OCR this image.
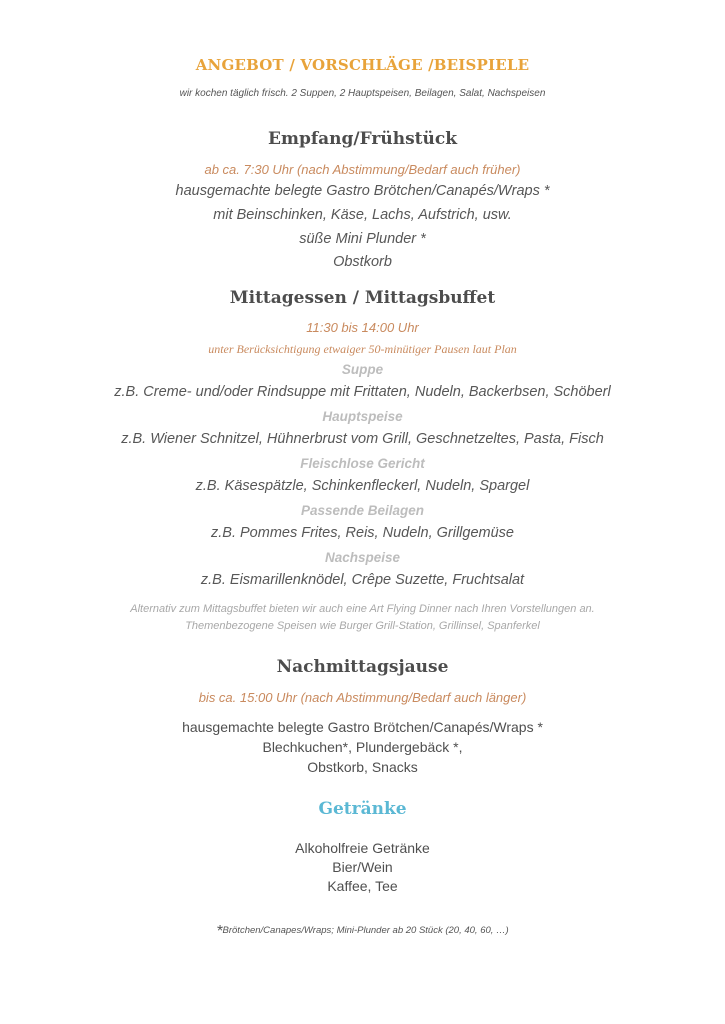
ANGEBOT / VORSCHLÄGE /BEISPIELE
wir kochen täglich frisch. 2 Suppen, 2 Hauptspeisen, Beilagen, Salat, Nachspeisen
Empfang/Frühstück
ab ca. 7:30 Uhr (nach Abstimmung/Bedarf auch früher)
hausgemachte belegte Gastro Brötchen/Canapés/Wraps *
mit Beinschinken, Käse, Lachs, Aufstrich, usw.
süße Mini Plunder *
Obstkorb
Mittagessen / Mittagsbuffet
11:30 bis 14:00 Uhr
unter Berücksichtigung etwaiger 50-minütiger Pausen laut Plan
Suppe
z.B. Creme- und/oder Rindsuppe mit Frittaten, Nudeln, Backerbsen, Schöberl
Hauptspeise
z.B. Wiener Schnitzel, Hühnerbrust vom Grill, Geschnetzeltes, Pasta, Fisch
Fleischlose Gericht
z.B. Käsespätzle, Schinkenfleckerl, Nudeln, Spargel
Passende Beilagen
z.B. Pommes Frites, Reis, Nudeln, Grillgemüse
Nachspeise
z.B. Eismarillenknödel, Crêpe Suzette, Fruchtsalat
Alternativ zum Mittagsbuffet bieten wir auch eine Art Flying Dinner nach Ihren Vorstellungen an.
Themenbezogene Speisen wie Burger Grill-Station, Grillinsel, Spanferkel
Nachmittagsjause
bis ca. 15:00 Uhr (nach Abstimmung/Bedarf auch länger)
hausgemachte belegte Gastro Brötchen/Canapés/Wraps *
Blechkuchen*, Plundergebäck *,
Obstkorb, Snacks
Getränke
Alkoholfreie Getränke
Bier/Wein
Kaffee, Tee
*Brötchen/Canapes/Wraps; Mini-Plunder ab 20 Stück (20, 40, 60, …)
